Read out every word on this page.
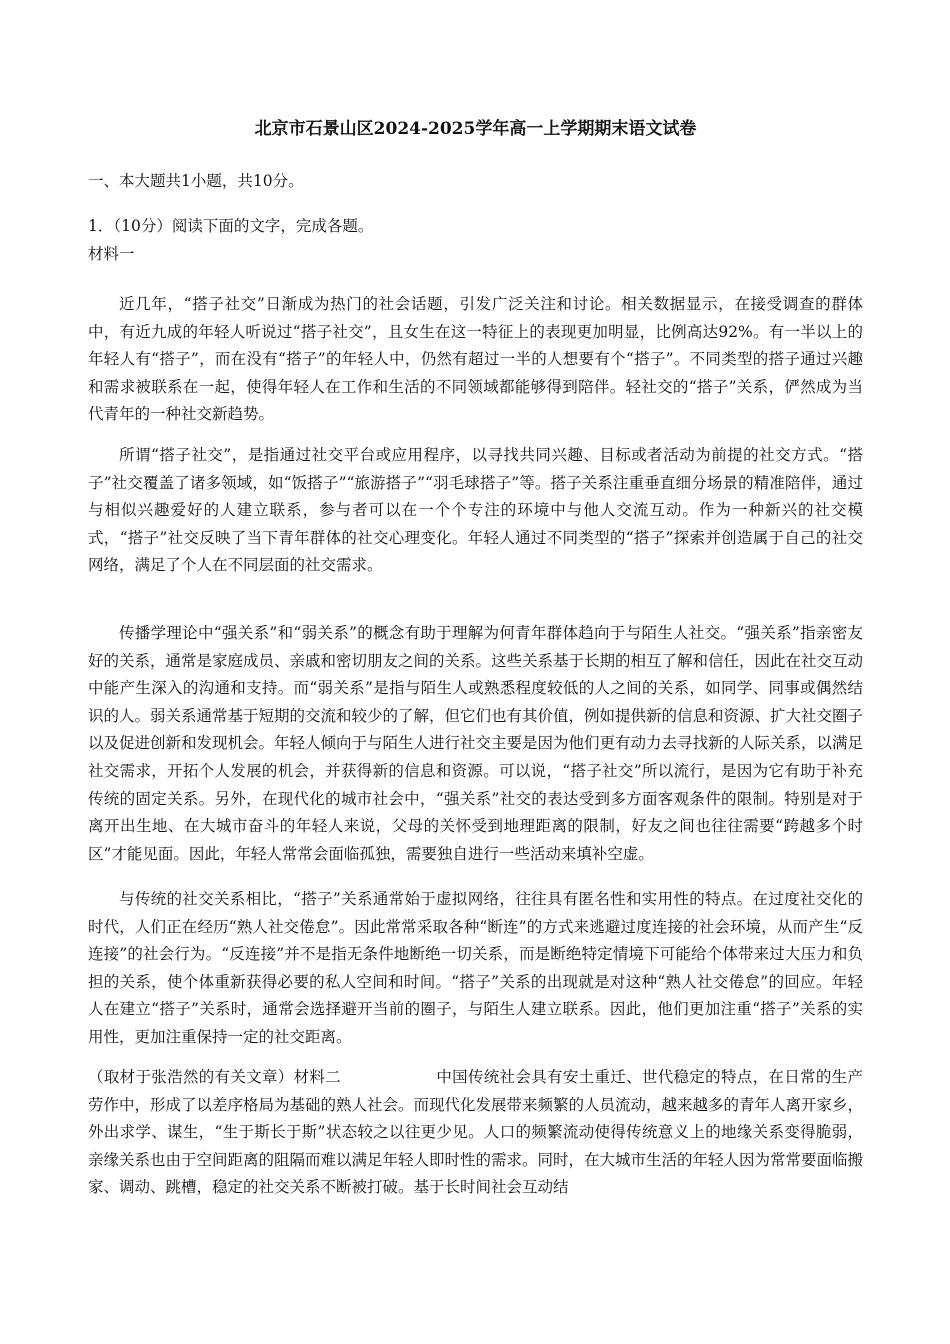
北京市石景山区2024-2025学年高一上学期期末语文试卷
一、本大题共1小题，共10分。
1．（10分）阅读下面的文字，完成各题。
材料一

近几年，“搭子社交”日渐成为热门的社会话题，引发广泛关注和讨论。相关数据显示，在接受调查的群体中，有近九成的年轻人听说过“搭子社交”，且女生在这一特征上的表现更加明显，比例高达92%。有一半以上的年轻人有“搭子”，而在没有“搭子”的年轻人中，仍然有超过一半的人想要有个“搭子”。不同类型的搭子通过兴趣和需求被联系在一起，使得年轻人在工作和生活的不同领域都能够得到陪伴。轻社交的“搭子”关系，俨然成为当代青年的一种社交新趋势。

所谓“搭子社交”，是指通过社交平台或应用程序，以寻找共同兴趣、目标或者活动为前提的社交方式。“搭子”社交覆盖了诸多领域，如“饭搭子”“旅游搭子”“羽毛球搭子”等。搭子关系注重垂直细分场景的精准陪伴，通过与相似兴趣爱好的人建立联系，参与者可以在一个个专注的环境中与他人交流互动。作为一种新兴的社交模式，“搭子”社交反映了当下青年群体的社交心理变化。年轻人通过不同类型的“搭子”探索并创造属于自己的社交网络，满足了个人在不同层面的社交需求。

传播学理论中“强关系”和“弱关系”的概念有助于理解为何青年群体趋向于与陌生人社交。“强关系”指亲密友好的关系，通常是家庭成员、亲戚和密切朋友之间的关系。这些关系基于长期的相互了解和信任，因此在社交互动中能产生深入的沟通和支持。而“弱关系”是指与陌生人或熟悉程度较低的人之间的关系，如同学、同事或偶然结识的人。弱关系通常基于短期的交流和较少的了解，但它们也有其价值，例如提供新的信息和资源、扩大社交圈子以及促进创新和发现机会。年轻人倾向于与陌生人进行社交主要是因为他们更有动力去寻找新的人际关系，以满足社交需求，开拓个人发展的机会，并获得新的信息和资源。可以说，“搭子社交”所以流行，是因为它有助于补充传统的固定关系。另外，在现代化的城市社会中，“强关系”社交的表达受到多方面客观条件的限制。特别是对于离开出生地、在大城市奋斗的年轻人来说，父母的关怀受到地理距离的限制，好友之间也往往需要“跨越多个时区”才能见面。因此，年轻人常常会面临孤独，需要独自进行一些活动来填补空虚。

与传统的社交关系相比，“搭子”关系通常始于虚拟网络，往往具有匿名性和实用性的特点。在过度社交化的时代，人们正在经历“熟人社交倦怠”。因此常常采取各种“断连”的方式来逃避过度连接的社会环境，从而产生“反连接”的社会行为。“反连接”并不是指无条件地断绝一切关系，而是断绝特定情境下可能给个体带来过大压力和负担的关系，使个体重新获得必要的私人空间和时间。“搭子”关系的出现就是对这种“熟人社交倦怠”的回应。年轻人在建立“搭子”关系时，通常会选择避开当前的圈子，与陌生人建立联系。因此，他们更加注重“搭子”关系的实用性，更加注重保持一定的社交距离。

（取材于张浩然的有关文章）材料二	中国传统社会具有安土重迁、世代稳定的特点，在日常的生产劳作中，形成了以差序格局为基础的熟人社会。而现代化发展带来频繁的人员流动，越来越多的青年人离开家乡，外出求学、谋生，“生于斯长于斯”状态较之以往更少见。人口的频繁流动使得传统意义上的地缘关系变得脆弱，亲缘关系也由于空间距离的阻隔而难以满足年轻人即时性的需求。同时，在大城市生活的年轻人因为常常要面临搬家、调动、跳槽，稳定的社交关系不断被打破。基于长时间社会互动结
